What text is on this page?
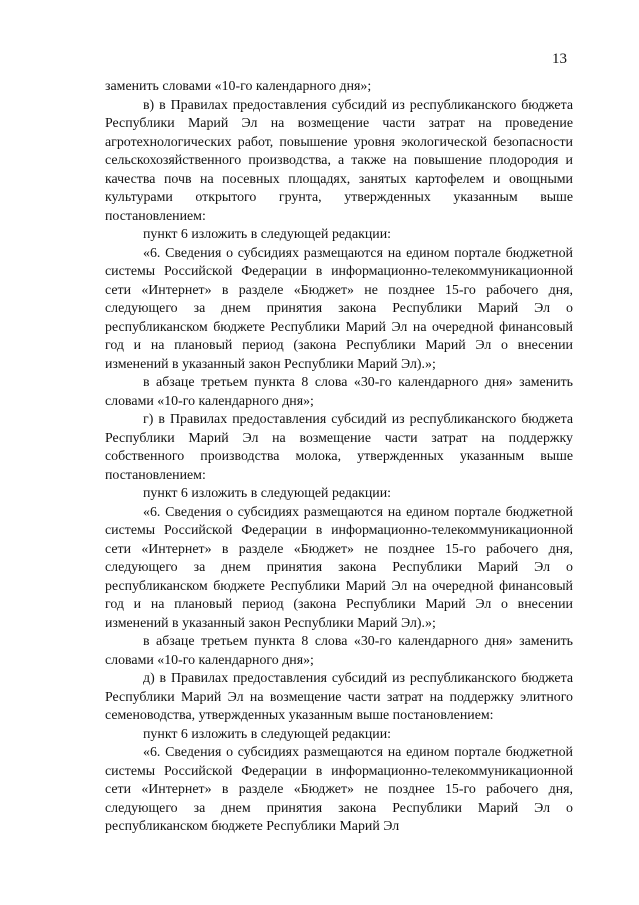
13

заменить словами «10-го календарного дня»;

в) в Правилах предоставления субсидий из республиканского бюджета Республики Марий Эл на возмещение части затрат на проведение агротехнологических работ, повышение уровня экологической безопасности сельскохозяйственного производства, а также на повышение плодородия и качества почв на посевных площадях, занятых картофелем и овощными культурами открытого грунта, утвержденных указанным выше постановлением:

пункт 6 изложить в следующей редакции:

«6. Сведения о субсидиях размещаются на едином портале бюджетной системы Российской Федерации в информационно-телекоммуникационной сети «Интернет» в разделе «Бюджет» не позднее 15-го рабочего дня, следующего за днем принятия закона Республики Марий Эл о республиканском бюджете Республики Марий Эл на очередной финансовый год и на плановый период (закона Республики Марий Эл о внесении изменений в указанный закон Республики Марий Эл).»;

в абзаце третьем пункта 8 слова «30-го календарного дня» заменить словами «10-го календарного дня»;

г) в Правилах предоставления субсидий из республиканского бюджета Республики Марий Эл на возмещение части затрат на поддержку собственного производства молока, утвержденных указанным выше постановлением:

пункт 6 изложить в следующей редакции:

«6. Сведения о субсидиях размещаются на едином портале бюджетной системы Российской Федерации в информационно-телекоммуникационной сети «Интернет» в разделе «Бюджет» не позднее 15-го рабочего дня, следующего за днем принятия закона Республики Марий Эл о республиканском бюджете Республики Марий Эл на очередной финансовый год и на плановый период (закона Республики Марий Эл о внесении изменений в указанный закон Республики Марий Эл).»;

в абзаце третьем пункта 8 слова «30-го календарного дня» заменить словами «10-го календарного дня»;

д) в Правилах предоставления субсидий из республиканского бюджета Республики Марий Эл на возмещение части затрат на поддержку элитного семеноводства, утвержденных указанным выше постановлением:

пункт 6 изложить в следующей редакции:

«6. Сведения о субсидиях размещаются на едином портале бюджетной системы Российской Федерации в информационно-телекоммуникационной сети «Интернет» в разделе «Бюджет» не позднее 15-го рабочего дня, следующего за днем принятия закона Республики Марий Эл о республиканском бюджете Республики Марий Эл
